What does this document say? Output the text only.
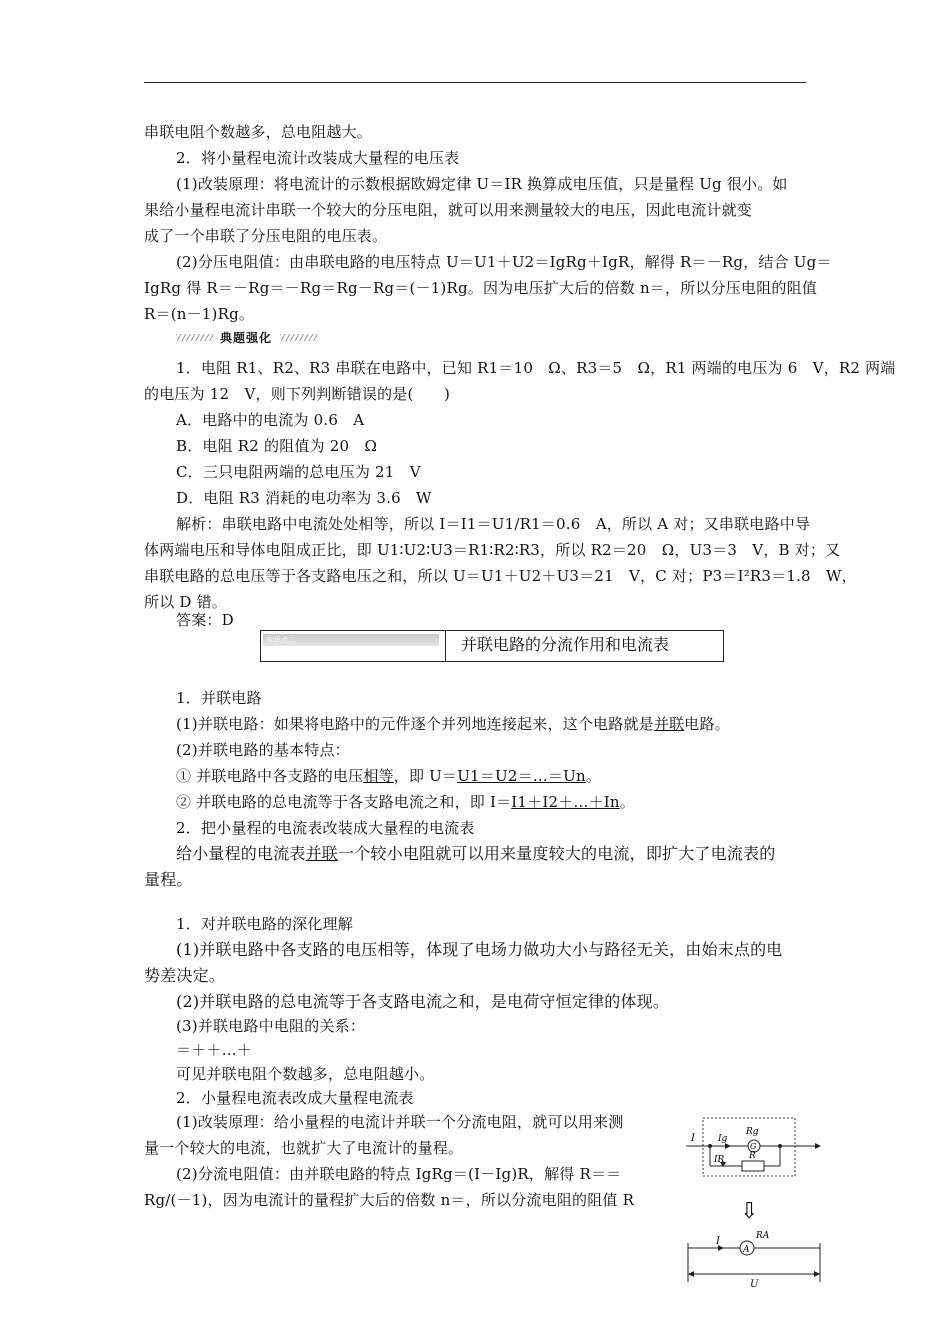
串联电阻个数越多，总电阻越大。
2．将小量程电流计改装成大量程的电压表
(1)改装原理：将电流计的示数根据欧姆定律 U＝IR 换算成电压值，只是量程 Ug 很小。如
果给小量程电流计串联一个较大的分压电阻，就可以用来测量较大的电压，因此电流计就变
成了一个串联了分压电阻的电压表。
(2)分压电阻值：由串联电路的电压特点 U＝U1＋U2＝IgRg＋IgR，解得 R＝－Rg，结合 Ug＝
IgRg 得 R＝－Rg＝－Rg＝Rg－Rg＝(－1)Rg。因为电压扩大后的倍数 n＝，所以分压电阻的阻值
R＝(n－1)Rg。
典题强化
1．电阻 R1、R2、R3 串联在电路中，已知 R1＝10　Ω、R3＝5　Ω，R1 两端的电压为 6　V，R2 两端
的电压为 12　V，则下列判断错误的是(　　)
A．电路中的电流为 0.6　A
B．电阻 R2 的阻值为 20　Ω
C．三只电阻两端的总电压为 21　V
D．电阻 R3 消耗的电功率为 3.6　W
解析：串联电路中电流处处相等，所以 I＝I1＝U1/R1＝0.6　A，所以 A 对；又串联电路中导
体两端电压和导体电阻成正比，即 U1∶U2∶U3＝R1∶R2∶R3，所以 R2＝20　Ω，U3＝3　V，B 对；又
串联电路的总电压等于各支路电压之和，所以 U＝U1＋U2＋U3＝21　V，C 对；P3＝I²R3＝1.8　W，
所以 D 错。
答案：D
知识点二	并联电路的分流作用和电流表
1．并联电路
(1)并联电路：如果将电路中的元件逐个并列地连接起来，这个电路就是并联电路。
(2)并联电路的基本特点：
① 并联电路中各支路的电压相等，即 U＝U1＝U2＝…＝Un。
② 并联电路的总电流等于各支路电流之和，即 I＝I1＋I2＋…＋In。
2．把小量程的电流表改装成大量程的电流表
给小量程的电流表并联一个较小电阻就可以用来量度较大的电流，即扩大了电流表的
量程。
1．对并联电路的深化理解
(1)并联电路中各支路的电压相等，体现了电场力做功大小与路径无关，由始末点的电
势差决定。
(2)并联电路的总电流等于各支路电流之和，是电荷守恒定律的体现。
(3)并联电路中电阻的关系：
＝＋＋…＋
可见并联电阻个数越多，总电阻越小。
2．小量程电流表改成大量程电流表
(1)改装原理：给小量程的电流计并联一个分流电阻，就可以用来测
量一个较大的电流，也就扩大了电流计的量程。
(2)分流电阻值：由并联电路的特点 IgRg＝(I－Ig)R，解得 R＝＝
Rg/(－1)，因为电流计的量程扩大后的倍数 n＝，所以分流电阻的阻值 R
I	Ig
IR
Rg
G
R
⇩
I
A
RA
U
